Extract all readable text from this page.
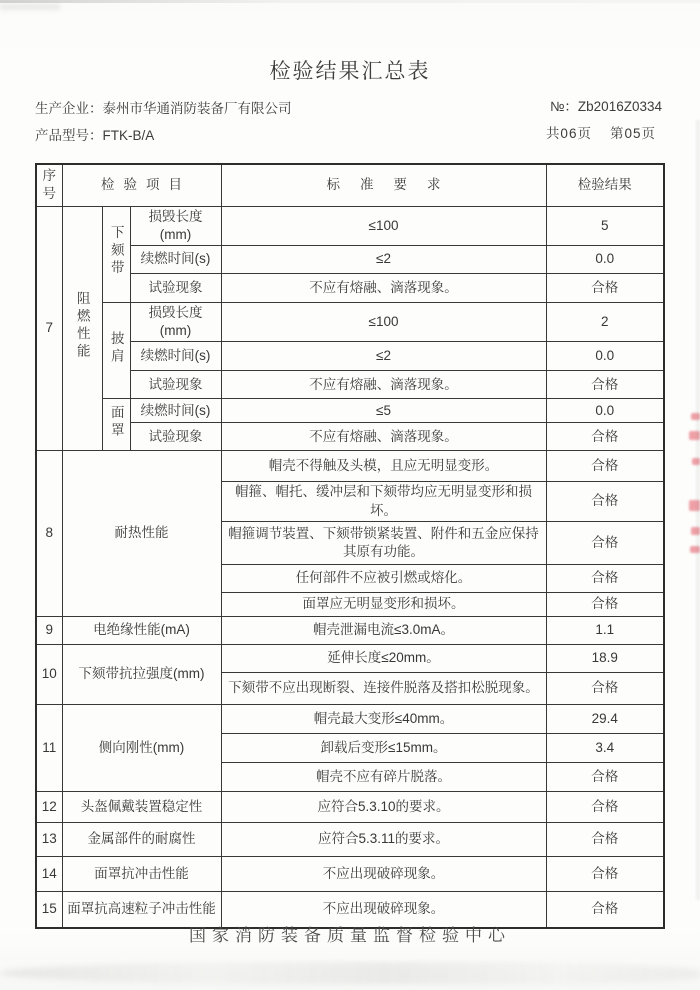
检验结果汇总表
生产企业：泰州市华通消防装备厂有限公司	№：Zb2016Z0334
产品型号：FTK-B/A	共06页 第05页
序号	检验项目			标准要求	检验结果
7	阻燃性能	下颏带	损毁长度(mm)	≤100	5
			续燃时间(s)	≤2	0.0
			试验现象	不应有熔融、滴落现象。	合格
		披肩	损毁长度(mm)	≤100	2
			续燃时间(s)	≤2	0.0
			试验现象	不应有熔融、滴落现象。	合格
		面罩	续燃时间(s)	≤5	0.0
			试验现象	不应有熔融、滴落现象。	合格
8	耐热性能			帽壳不得触及头模，且应无明显变形。	合格
				帽箍、帽托、缓冲层和下颏带均应无明显变形和损坏。	合格
				帽箍调节装置、下颏带锁紧装置、附件和五金应保持其原有功能。	合格
				任何部件不应被引燃或熔化。	合格
				面罩应无明显变形和损坏。	合格
9	电绝缘性能(mA)			帽壳泄漏电流≤3.0mA。	1.1
10	下颏带抗拉强度(mm)			延伸长度≤20mm。	18.9
				下颏带不应出现断裂、连接件脱落及搭扣松脱现象。	合格
11	侧向刚性(mm)			帽壳最大变形≤40mm。	29.4
				卸载后变形≤15mm。	3.4
				帽壳不应有碎片脱落。	合格
12	头盔佩戴装置稳定性			应符合5.3.10的要求。	合格
13	金属部件的耐腐性			应符合5.3.11的要求。	合格
14	面罩抗冲击性能			不应出现破碎现象。	合格
15	面罩抗高速粒子冲击性能			不应出现破碎现象。	合格
国家消防装备质量监督检验中心
